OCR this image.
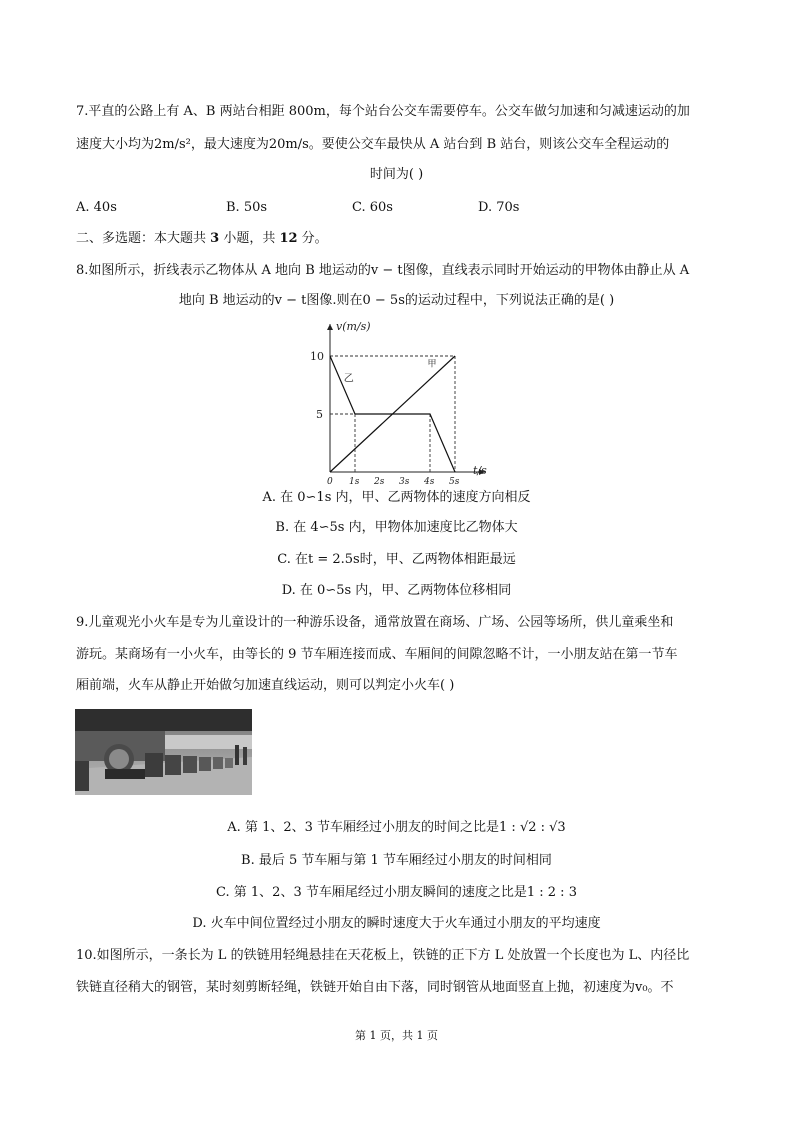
7.平直的公路上有 A、B 两站台相距 800m，每个站台公交车需要停车。公交车做匀加速和匀减速运动的加
速度大小均为2m/s²，最大速度为20m/s。要使公交车最快从 A 站台到 B 站台，则该公交车全程运动的
时间为( )
A. 40s	B. 50s	C. 60s	D. 70s
二、多选题：本大题共 3 小题，共 12 分。
8.如图所示，折线表示乙物体从 A 地向 B 地运动的v − t图像，直线表示同时开始运动的甲物体由静止从 A
地向 B 地运动的v − t图像.则在0 − 5s的运动过程中，下列说法正确的是( )
甲
乙
v(m/s)
t/s
0 1s 2s 3s 4s 5s
5
10
A. 在 0∽1s 内，甲、乙两物体的速度方向相反
B. 在 4∽5s 内，甲物体加速度比乙物体大
C. 在t = 2.5s时，甲、乙两物体相距最远
D. 在 0∽5s 内，甲、乙两物体位移相同
9.儿童观光小火车是专为儿童设计的一种游乐设备，通常放置在商场、广场、公园等场所，供儿童乘坐和
游玩。某商场有一小火车，由等长的 9 节车厢连接而成、车厢间的间隙忽略不计，一小朋友站在第一节车
厢前端，火车从静止开始做匀加速直线运动，则可以判定小火车( )
A. 第 1、2、3 节车厢经过小朋友的时间之比是1 : √2 : √3
B. 最后 5 节车厢与第 1 节车厢经过小朋友的时间相同
C. 第 1、2、3 节车厢尾经过小朋友瞬间的速度之比是1 : 2 : 3
D. 火车中间位置经过小朋友的瞬时速度大于火车通过小朋友的平均速度
10.如图所示，一条长为 L 的铁链用轻绳悬挂在天花板上，铁链的正下方 L 处放置一个长度也为 L、内径比
铁链直径稍大的钢管，某时刻剪断轻绳，铁链开始自由下落，同时钢管从地面竖直上抛，初速度为v₀。不
第 1 页，共 1 页
